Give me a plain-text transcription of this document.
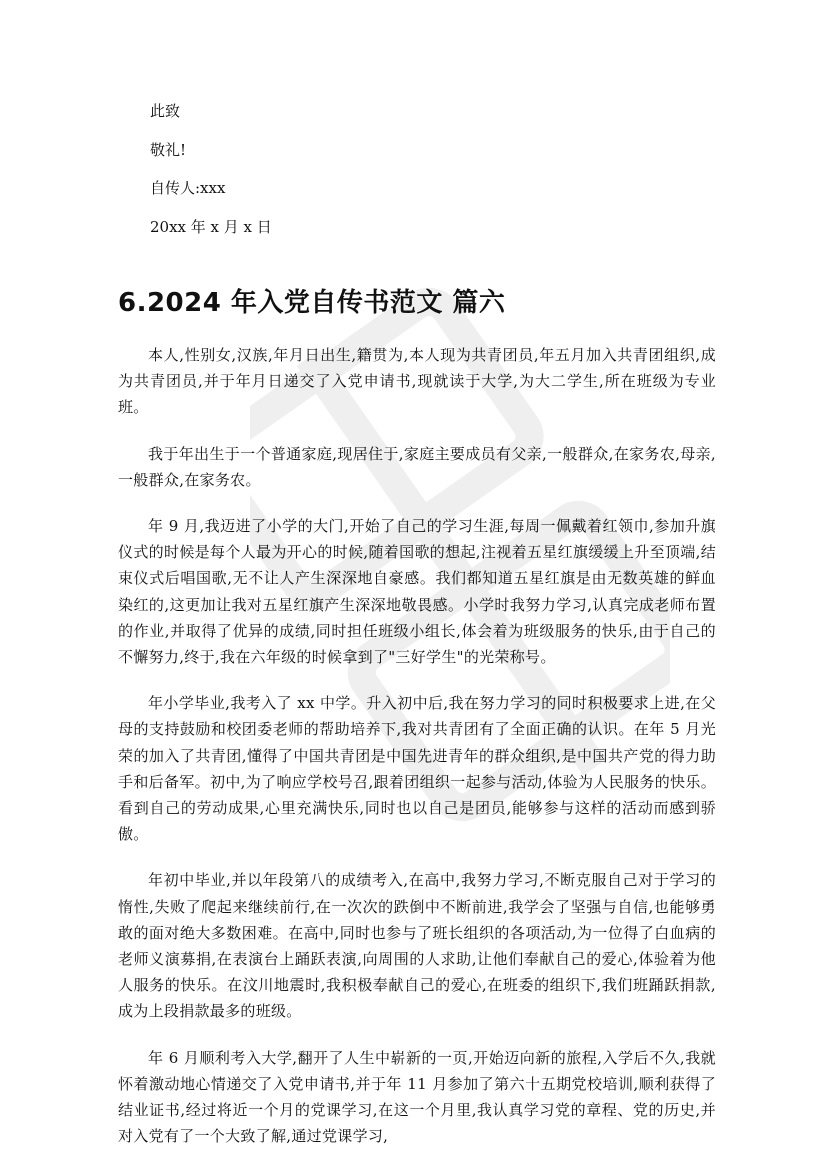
此致
敬礼!
自传人:xxx
20xx 年 x 月 x 日
6.2024 年入党自传书范文 篇六

本人,性别女,汉族,年月日出生,籍贯为,本人现为共青团员,年五月加入共青团组织,成为共青团员,并于年月日递交了入党申请书,现就读于大学,为大二学生,所在班级为专业班。

我于年出生于一个普通家庭,现居住于,家庭主要成员有父亲,一般群众,在家务农,母亲,一般群众,在家务农。

年 9 月,我迈进了小学的大门,开始了自己的学习生涯,每周一佩戴着红领巾,参加升旗仪式的时候是每个人最为开心的时候,随着国歌的想起,注视着五星红旗缓缓上升至顶端,结束仪式后唱国歌,无不让人产生深深地自豪感。我们都知道五星红旗是由无数英雄的鲜血染红的,这更加让我对五星红旗产生深深地敬畏感。小学时我努力学习,认真完成老师布置的作业,并取得了优异的成绩,同时担任班级小组长,体会着为班级服务的快乐,由于自己的不懈努力,终于,我在六年级的时候拿到了"三好学生"的光荣称号。

年小学毕业,我考入了 xx 中学。升入初中后,我在努力学习的同时积极要求上进,在父母的支持鼓励和校团委老师的帮助培养下,我对共青团有了全面正确的认识。在年 5 月光荣的加入了共青团,懂得了中国共青团是中国先进青年的群众组织,是中国共产党的得力助手和后备军。初中,为了响应学校号召,跟着团组织一起参与活动,体验为人民服务的快乐。看到自己的劳动成果,心里充满快乐,同时也以自己是团员,能够参与这样的活动而感到骄傲。

年初中毕业,并以年段第八的成绩考入,在高中,我努力学习,不断克服自己对于学习的惰性,失败了爬起来继续前行,在一次次的跌倒中不断前进,我学会了坚强与自信,也能够勇敢的面对绝大多数困难。在高中,同时也参与了班长组织的各项活动,为一位得了白血病的老师义演募捐,在表演台上踊跃表演,向周围的人求助,让他们奉献自己的爱心,体验着为他人服务的快乐。在汶川地震时,我积极奉献自己的爱心,在班委的组织下,我们班踊跃捐款,成为上段捐款最多的班级。

年 6 月顺利考入大学,翻开了人生中崭新的一页,开始迈向新的旅程,入学后不久,我就怀着激动地心情递交了入党申请书,并于年 11 月参加了第六十五期党校培训,顺利获得了结业证书,经过将近一个月的党课学习,在这一个月里,我认真学习党的章程、党的历史,并对入党有了一个大致了解,通过党课学习,
